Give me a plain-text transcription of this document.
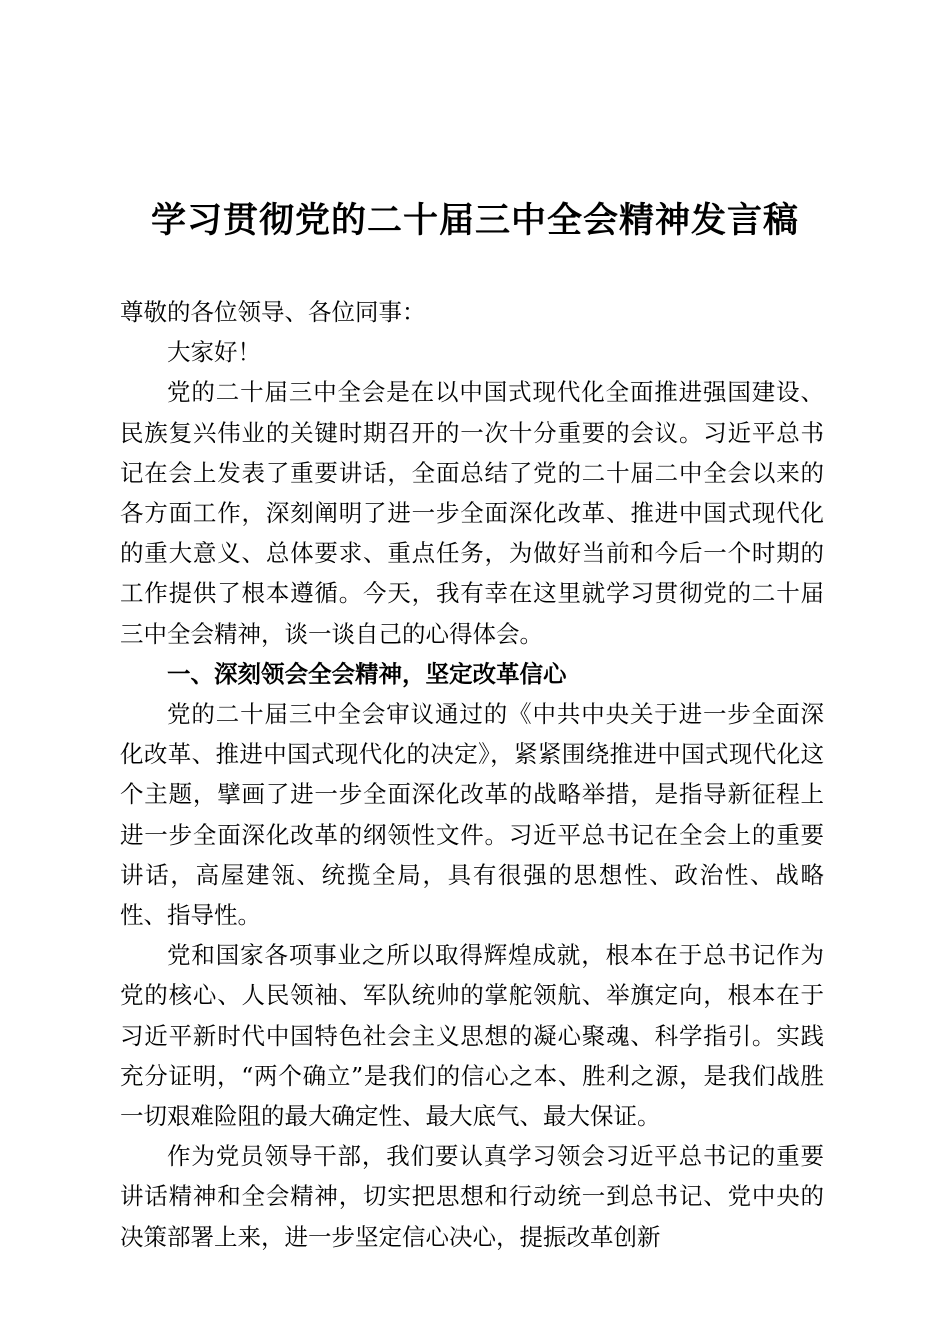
学习贯彻党的二十届三中全会精神发言稿

尊敬的各位领导、各位同事：

大家好！

党的二十届三中全会是在以中国式现代化全面推进强国建设、民族复兴伟业的关键时期召开的一次十分重要的会议。习近平总书记在会上发表了重要讲话，全面总结了党的二十届二中全会以来的各方面工作，深刻阐明了进一步全面深化改革、推进中国式现代化的重大意义、总体要求、重点任务，为做好当前和今后一个时期的工作提供了根本遵循。今天，我有幸在这里就学习贯彻党的二十届三中全会精神，谈一谈自己的心得体会。

一、深刻领会全会精神，坚定改革信心

党的二十届三中全会审议通过的《中共中央关于进一步全面深化改革、推进中国式现代化的决定》，紧紧围绕推进中国式现代化这个主题，擘画了进一步全面深化改革的战略举措，是指导新征程上进一步全面深化改革的纲领性文件。习近平总书记在全会上的重要讲话，高屋建瓴、统揽全局，具有很强的思想性、政治性、战略性、指导性。

党和国家各项事业之所以取得辉煌成就，根本在于总书记作为党的核心、人民领袖、军队统帅的掌舵领航、举旗定向，根本在于习近平新时代中国特色社会主义思想的凝心聚魂、科学指引。实践充分证明，“两个确立”是我们的信心之本、胜利之源，是我们战胜一切艰难险阻的最大确定性、最大底气、最大保证。

作为党员领导干部，我们要认真学习领会习近平总书记的重要讲话精神和全会精神，切实把思想和行动统一到总书记、党中央的决策部署上来，进一步坚定信心决心，提振改革创新
